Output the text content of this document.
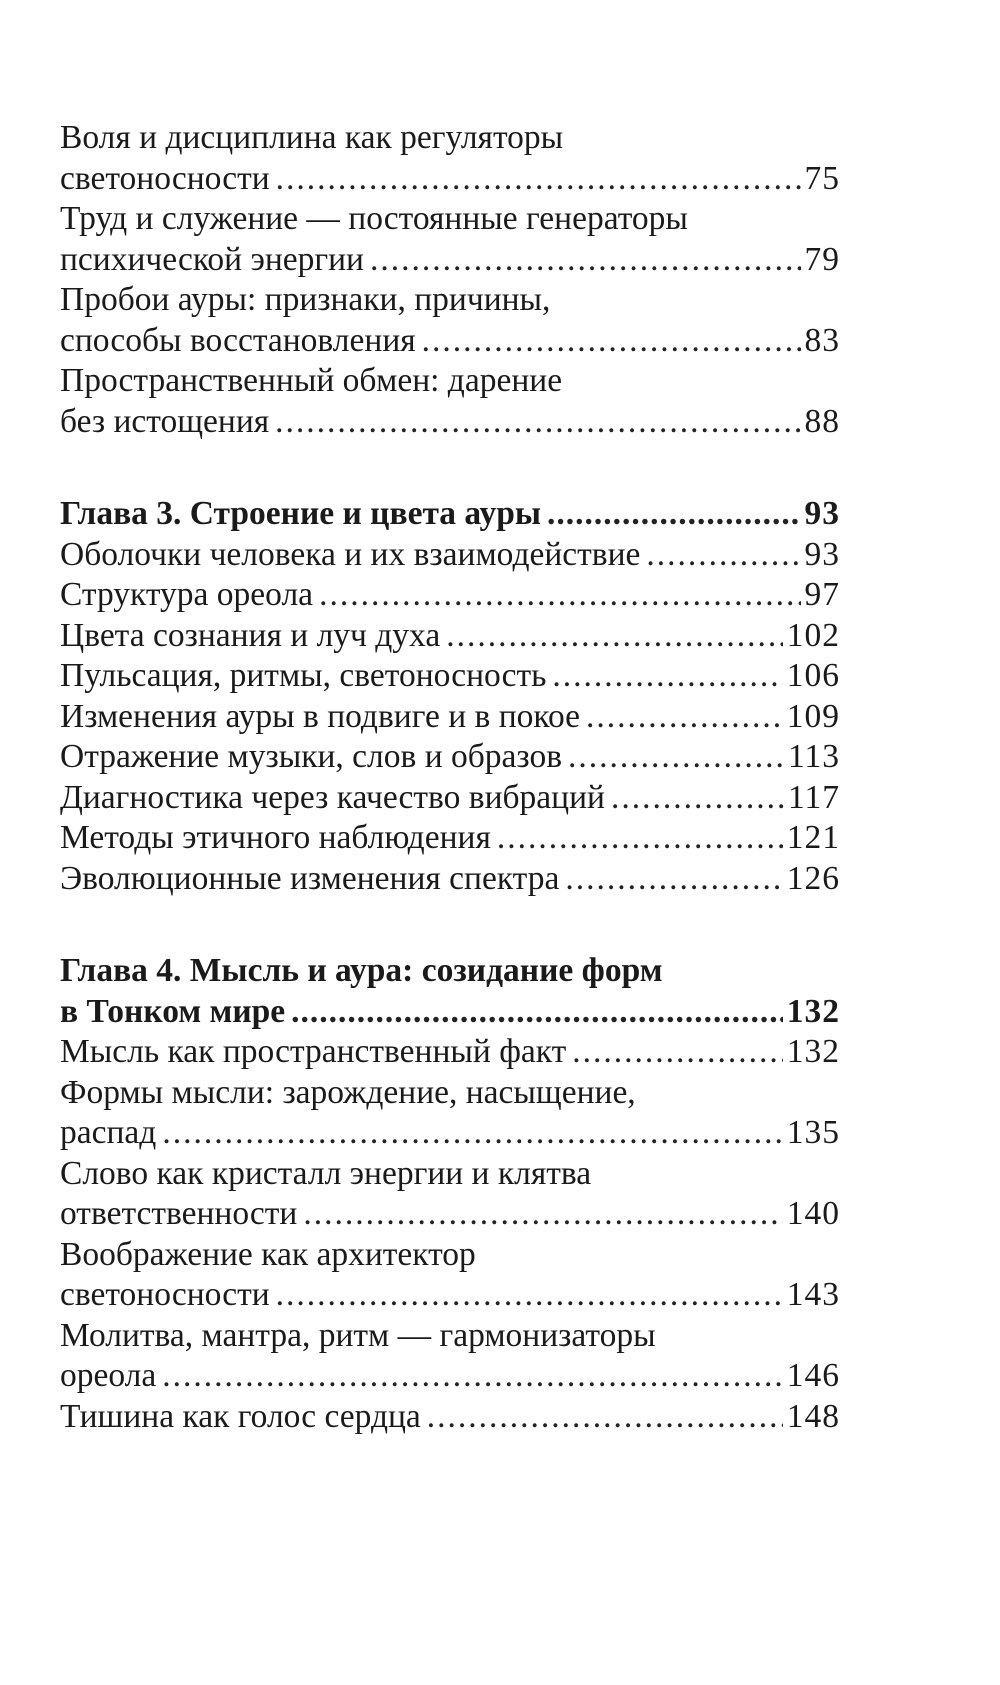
Воля и дисциплина как регуляторы
светоносности .....	75
Труд и служение — постоянные генераторы
психической энергии .....	79
Пробои ауры: признаки, причины,
способы восстановления .....	83
Пространственный обмен: дарение
без истощения .....	88
Глава 3. Строение и цвета ауры .....	93
Оболочки человека и их взаимодействие .....	93
Структура ореола .....	97
Цвета сознания и луч духа .....	102
Пульсация, ритмы, светоносность .....	106
Изменения ауры в подвиге и в покое .....	109
Отражение музыки, слов и образов .....	113
Диагностика через качество вибраций .....	117
Методы этичного наблюдения .....	121
Эволюционные изменения спектра .....	126
Глава 4. Мысль и аура: созидание форм
в Тонком мире .....	132
Мысль как пространственный факт .....	132
Формы мысли: зарождение, насыщение,
распад .....	135
Слово как кристалл энергии и клятва
ответственности .....	140
Воображение как архитектор
светоносности .....	143
Молитва, мантра, ритм — гармонизаторы
ореола .....	146
Тишина как голос сердца .....	148
